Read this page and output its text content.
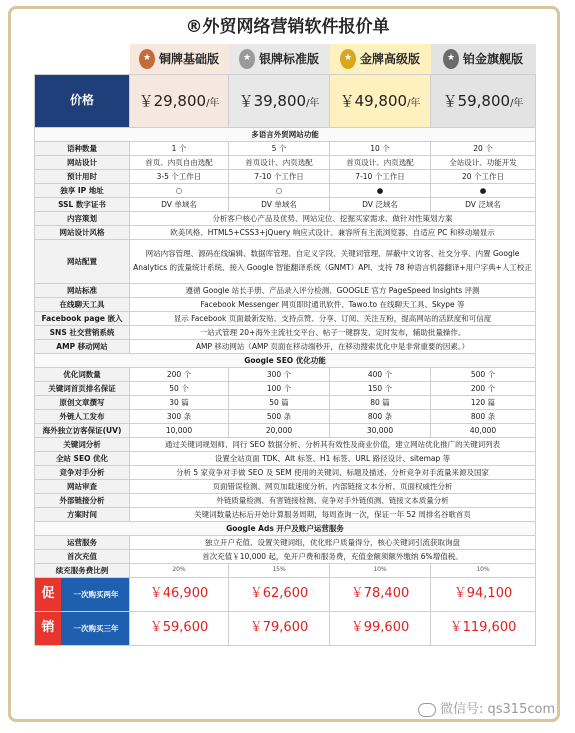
®外贸网络营销软件报价单
	★ 铜牌基础版	★ 银牌标准版	★ 金牌高级版	★ 铂金旗舰版
价格	￥29,800/年	￥39,800/年	￥49,800/年	￥59,800/年
多语言外贸网站功能				
语种数量	1 个	5 个	10 个	20 个
网站设计	首页、内页自由选配	首页设计、内页选配	首页设计、内页选配	全站设计、功能开发
预计用时	3-5 个工作日	7-10 个工作日	7-10 个工作日	20 个工作日
独享 IP 地址	○	○	●	●
SSL 数字证书	DV 单域名	DV 单域名	DV 泛域名	DV 泛域名
内容策划	分析客户核心产品及优势、网站定位、挖掘买家需求、做针对性策划方案			
网站设计风格	欧美风格、HTML5+CSS3+jQuery 响应式设计、兼容所有主流浏览器、自适应 PC 和移动端显示			
网站配置	网站内容管理、源码在线编辑、数据库管理、自定义字段、关键词管理、屏蔽中文访客、社交分享、内置 Google Analytics 的流量统计系统、接入 Google 智能翻译系统（GNMT）API、支持 78 种语言机器翻译+用户字典+人工校正			
网站标准	遵循 Google 站长手册、产品录入评分检测、GOOGLE 官方 PageSpeed Insights 评测			
在线聊天工具	Facebook Messenger 网页即时通讯软件、Tawo.to 在线聊天工具、Skype 等			
Facebook page 嵌入	显示 Facebook 页面最新发贴、支持点赞、分享、订阅、关注互粉，提高网站的活跃度和可信度			
SNS 社交营销系统	一站式管理 20+海外主流社交平台、帖子一键群发、定时发布，辅助批量操作。			
AMP 移动网站	AMP 移动网站（AMP 页面在移动端秒开，在移动搜索优化中是非常重要的因素。）			
Google SEO 优化功能				
优化词数量	200 个	300 个	400 个	500 个
关键词首页排名保证	50 个	100 个	150 个	200 个
原创文章撰写	30 篇	50 篇	80 篇	120 篇
外链人工发布	300 条	500 条	800 条	800 条
海外独立访客保证(UV)	10,000	20,000	30,000	40,000
关键词分析	通过关键词规划师、同行 SEO 数据分析、分析其有效性及商业价值，建立网站优化推广的关键词列表			
全站 SEO 优化	设置全站页面 TDK、Alt 标签、H1 标签、URL 路径设计、sitemap 等			
竞争对手分析	分析 5 家竞争对手做 SEO 及 SEM 使用的关键词、标题及描述、分析竞争对手流量来源及国家			
网站审查	页面错误检测、网页加载速度分析、内部链接文本分析、页面权威性分析			
外部链接分析	外链质量检测、有害链接检测、竞争对手外链侦测、链接文本质量分析			
方案时间	关键词数量达标后开始计算服务周期，每周查询一次，保证一年 52 周排名谷歌首页			
Google Ads 开户及账户运营服务				
运营服务	独立开户充值、设置关键词组，优化账户质量得分，核心关键词引流获取询盘			
首次充值	首次充值￥10,000 起，免开户费和服务费，充值金额须额外缴纳 6%增值税。			
续充服务费比例	20%	15%	10%	10%

促 一次购买两年	￥46,900	￥62,600	￥78,400	￥94,100

销 一次购买三年	￥59,600	￥79,600	￥99,600	￥119,600
微信号: qs315com
